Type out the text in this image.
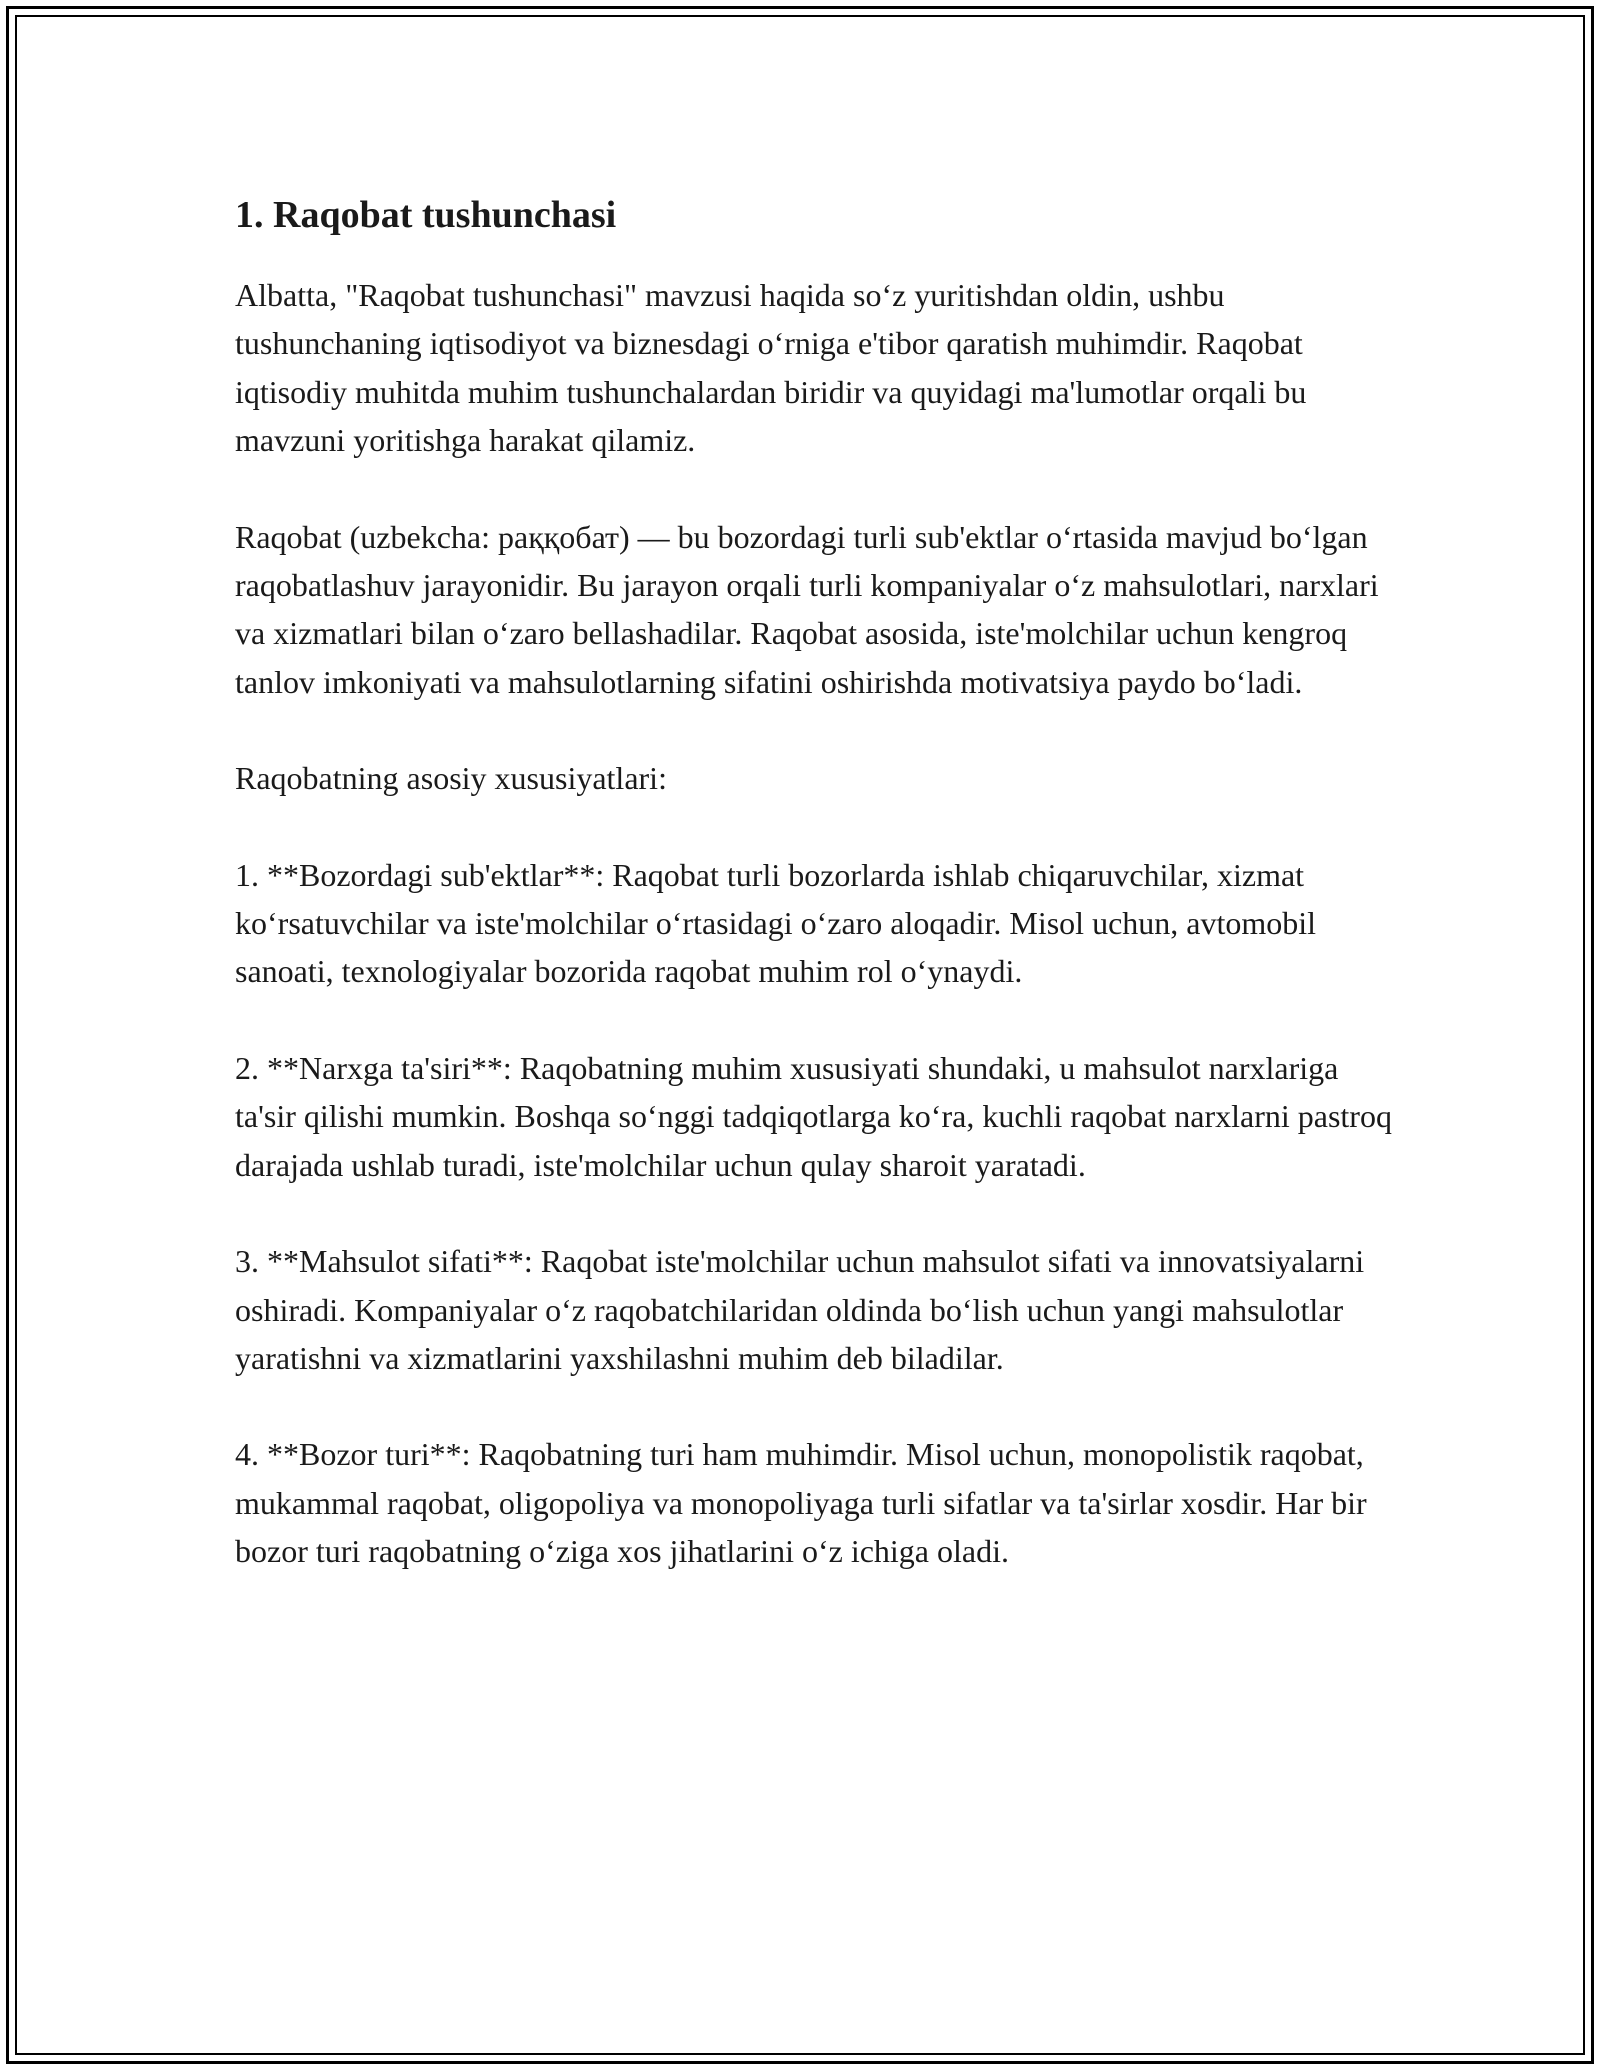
1. Raqobat tushunchasi

Albatta, "Raqobat tushunchasi" mavzusi haqida so‘z yuritishdan oldin, ushbu tushunchaning iqtisodiyot va biznesdagi o‘rniga e'tibor qaratish muhimdir. Raqobat iqtisodiy muhitda muhim tushunchalardan biridir va quyidagi ma'lumotlar orqali bu mavzuni yoritishga harakat qilamiz.

Raqobat (uzbekcha: раққобат) — bu bozordagi turli sub'ektlar o‘rtasida mavjud bo‘lgan raqobatlashuv jarayonidir. Bu jarayon orqali turli kompaniyalar o‘z mahsulotlari, narxlari va xizmatlari bilan o‘zaro bellashadilar. Raqobat asosida, iste'molchilar uchun kengroq tanlov imkoniyati va mahsulotlarning sifatini oshirishda motivatsiya paydo bo‘ladi.

Raqobatning asosiy xususiyatlari:

1. **Bozordagi sub'ektlar**: Raqobat turli bozorlarda ishlab chiqaruvchilar, xizmat ko‘rsatuvchilar va iste'molchilar o‘rtasidagi o‘zaro aloqadir. Misol uchun, avtomobil sanoati, texnologiyalar bozorida raqobat muhim rol o‘ynaydi.

2. **Narxga ta'siri**: Raqobatning muhim xususiyati shundaki, u mahsulot narxlariga ta'sir qilishi mumkin. Boshqa so‘nggi tadqiqotlarga ko‘ra, kuchli raqobat narxlarni pastroq darajada ushlab turadi, iste'molchilar uchun qulay sharoit yaratadi.

3. **Mahsulot sifati**: Raqobat iste'molchilar uchun mahsulot sifati va innovatsiyalarni oshiradi. Kompaniyalar o‘z raqobatchilaridan oldinda bo‘lish uchun yangi mahsulotlar yaratishni va xizmatlarini yaxshilashni muhim deb biladilar.

4. **Bozor turi**: Raqobatning turi ham muhimdir. Misol uchun, monopolistik raqobat, mukammal raqobat, oligopoliya va monopoliyaga turli sifatlar va ta'sirlar xosdir. Har bir bozor turi raqobatning o‘ziga xos jihatlarini o‘z ichiga oladi.
